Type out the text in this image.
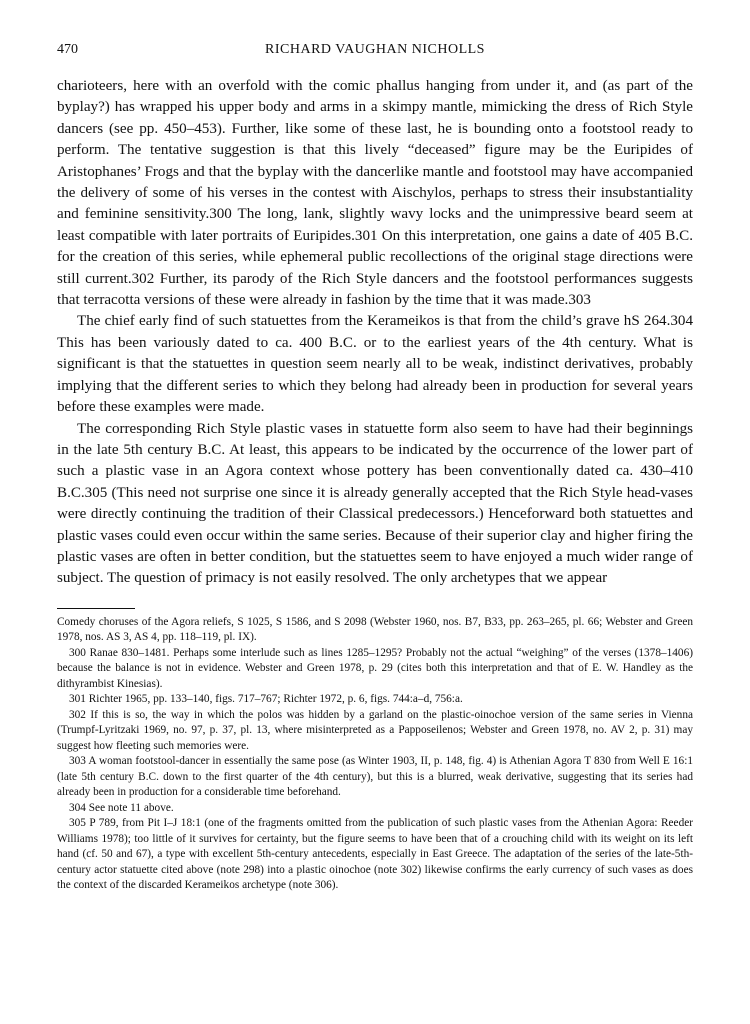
470	RICHARD VAUGHAN NICHOLLS

charioteers, here with an overfold with the comic phallus hanging from under it, and (as part of the byplay?) has wrapped his upper body and arms in a skimpy mantle, mimicking the dress of Rich Style dancers (see pp. 450–453). Further, like some of these last, he is bounding onto a footstool ready to perform. The tentative suggestion is that this lively “deceased” figure may be the Euripides of Aristophanes’ Frogs and that the byplay with the dancerlike mantle and footstool may have accompanied the delivery of some of his verses in the contest with Aischylos, perhaps to stress their insubstantiality and feminine sensitivity.300 The long, lank, slightly wavy locks and the unimpressive beard seem at least compatible with later portraits of Euripides.301 On this interpretation, one gains a date of 405 B.C. for the creation of this series, while ephemeral public recollections of the original stage directions were still current.302 Further, its parody of the Rich Style dancers and the footstool performances suggests that terracotta versions of these were already in fashion by the time that it was made.303

The chief early find of such statuettes from the Kerameikos is that from the child’s grave hS 264.304 This has been variously dated to ca. 400 B.C. or to the earliest years of the 4th century. What is significant is that the statuettes in question seem nearly all to be weak, indistinct derivatives, probably implying that the different series to which they belong had already been in production for several years before these examples were made.

The corresponding Rich Style plastic vases in statuette form also seem to have had their beginnings in the late 5th century B.C. At least, this appears to be indicated by the occurrence of the lower part of such a plastic vase in an Agora context whose pottery has been conventionally dated ca. 430–410 B.C.305 (This need not surprise one since it is already generally accepted that the Rich Style head-vases were directly continuing the tradition of their Classical predecessors.) Henceforward both statuettes and plastic vases could even occur within the same series. Because of their superior clay and higher firing the plastic vases are often in better condition, but the statuettes seem to have enjoyed a much wider range of subject. The question of primacy is not easily resolved. The only archetypes that we appear

Comedy choruses of the Agora reliefs, S 1025, S 1586, and S 2098 (Webster 1960, nos. B7, B33, pp. 263–265, pl. 66; Webster and Green 1978, nos. AS 3, AS 4, pp. 118–119, pl. IX).

300 Ranae 830–1481. Perhaps some interlude such as lines 1285–1295? Probably not the actual “weighing” of the verses (1378–1406) because the balance is not in evidence. Webster and Green 1978, p. 29 (cites both this interpretation and that of E. W. Handley as the dithyrambist Kinesias).

301 Richter 1965, pp. 133–140, figs. 717–767; Richter 1972, p. 6, figs. 744:a–d, 756:a.

302 If this is so, the way in which the polos was hidden by a garland on the plastic-oinochoe version of the same series in Vienna (Trumpf-Lyritzaki 1969, no. 97, p. 37, pl. 13, where misinterpreted as a Papposeilenos; Webster and Green 1978, no. AV 2, p. 31) may suggest how fleeting such memories were.

303 A woman footstool-dancer in essentially the same pose (as Winter 1903, II, p. 148, fig. 4) is Athenian Agora T 830 from Well E 16:1 (late 5th century B.C. down to the first quarter of the 4th century), but this is a blurred, weak derivative, suggesting that its series had already been in production for a considerable time beforehand.

304 See note 11 above.

305 P 789, from Pit I–J 18:1 (one of the fragments omitted from the publication of such plastic vases from the Athenian Agora: Reeder Williams 1978); too little of it survives for certainty, but the figure seems to have been that of a crouching child with its weight on its left hand (cf. 50 and 67), a type with excellent 5th-century antecedents, especially in East Greece. The adaptation of the series of the late-5th-century actor statuette cited above (note 298) into a plastic oinochoe (note 302) likewise confirms the early currency of such vases as does the context of the discarded Kerameikos archetype (note 306).
